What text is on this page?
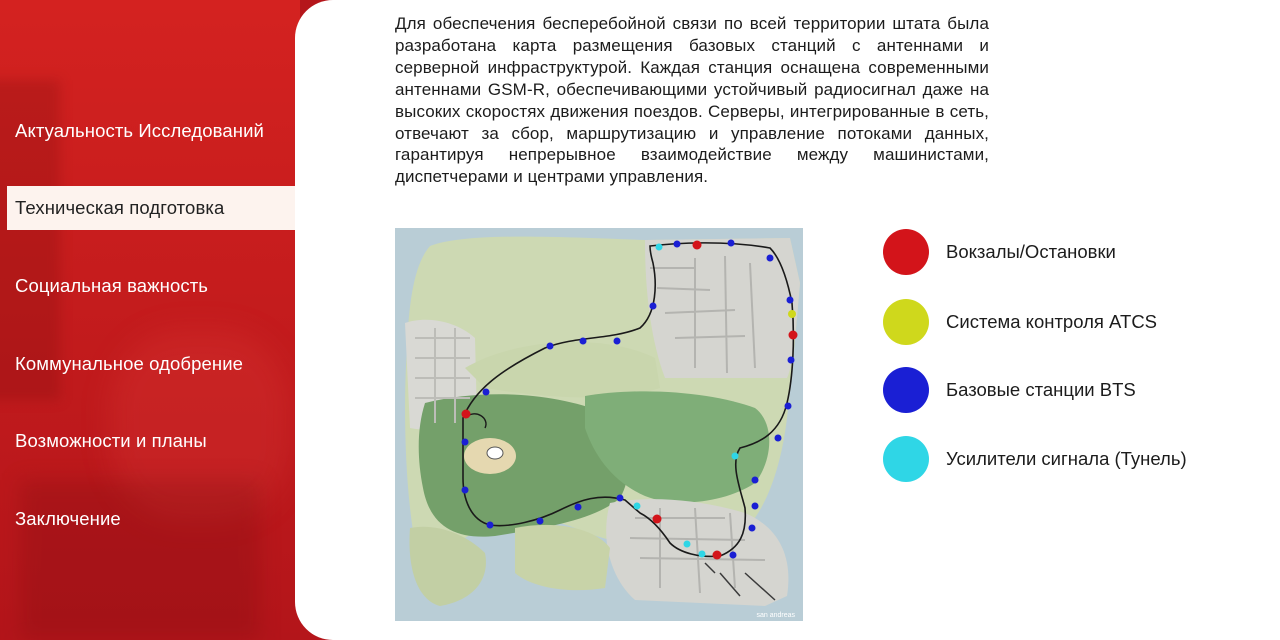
Актуальность Исследований
Техническая подготовка
Социальная важность
Коммунальное одобрение
Возможности и планы
Заключение
Для обеспечения бесперебойной связи по всей территории штата была разработана карта размещения базовых станций с антеннами и серверной инфраструктурой. Каждая станция оснащена современными антеннами GSM-R, обеспечивающими устойчивый радиосигнал даже на высоких скоростях движения поездов. Серверы, интегрированные в сеть, отвечают за сбор, маршрутизацию и управление потоками данных, гарантируя непрерывное взаимодействие между машинистами, диспетчерами и центрами управления.
san andreas
Вокзалы/Остановки
Система контроля ATCS
Базовые станции BTS
Усилители сигнала (Тунель)
